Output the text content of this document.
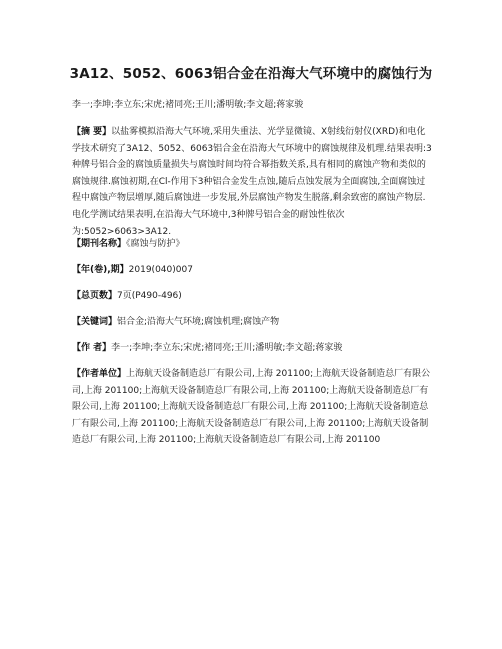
3A12、5052、6063铝合金在沿海大气环境中的腐蚀行为
李一;李坤;李立东;宋虎;褚同亮;王川;潘明敏;李文超;蒋家骏
【摘 要】以盐雾模拟沿海大气环境,采用失重法、光学显微镜、X射线衍射仪(XRD)和电化学技术研究了3A12、5052、6063铝合金在沿海大气环境中的腐蚀规律及机理.结果表明:3种牌号铝合金的腐蚀质量损失与腐蚀时间均符合幂指数关系,具有相同的腐蚀产物和类似的腐蚀规律.腐蚀初期,在Cl-作用下3种铝合金发生点蚀,随后点蚀发展为全面腐蚀,全面腐蚀过程中腐蚀产物层增厚,随后腐蚀进一步发展,外层腐蚀产物发生脱落,剩余致密的腐蚀产物层.电化学测试结果表明,在沿海大气环境中,3种牌号铝合金的耐蚀性依次为:5052>6063>3A12.
【期刊名称】《腐蚀与防护》
【年(卷),期】2019(040)007
【总页数】7页(P490-496)
【关键词】铝合金;沿海大气环境;腐蚀机理;腐蚀产物
【作 者】李一;李坤;李立东;宋虎;褚同亮;王川;潘明敏;李文超;蒋家骏
【作者单位】上海航天设备制造总厂有限公司,上海 201100;上海航天设备制造总厂有限公司,上海 201100;上海航天设备制造总厂有限公司,上海 201100;上海航天设备制造总厂有限公司,上海 201100;上海航天设备制造总厂有限公司,上海 201100;上海航天设备制造总厂有限公司,上海 201100;上海航天设备制造总厂有限公司,上海 201100;上海航天设备制造总厂有限公司,上海 201100;上海航天设备制造总厂有限公司,上海 201100
